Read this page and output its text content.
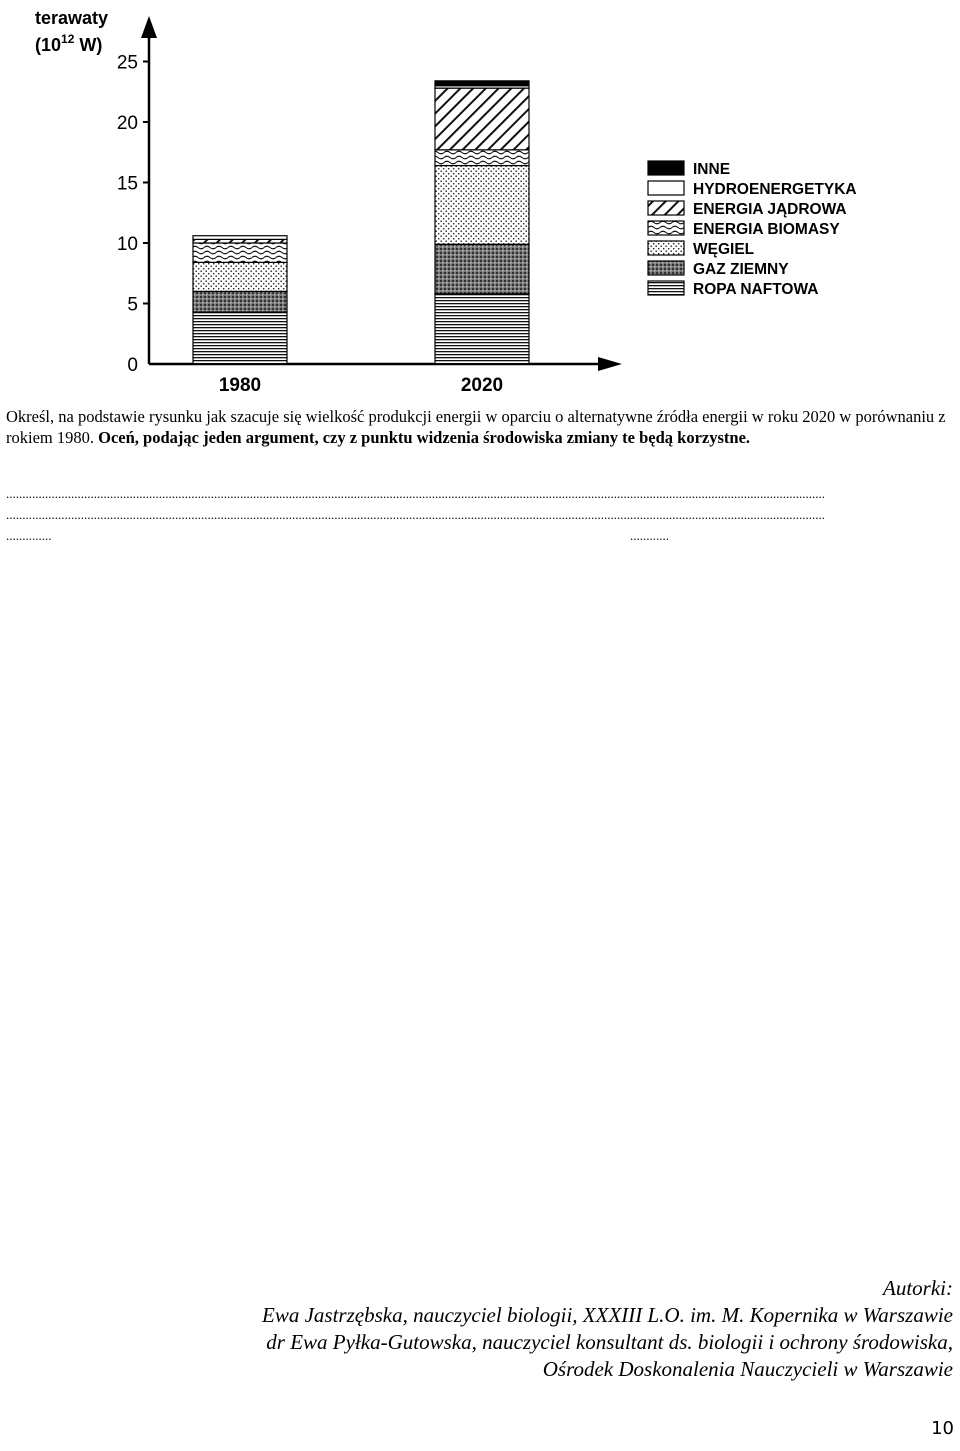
terawaty
($10^{12}$ W)
0
5
10
15
20
25
1980	2020
INNE
HYDROENERGETYKA
ENERGIA JĄDROWA
ENERGIA BIOMASY
WĘGIEL
GAZ ZIEMNY
ROPA NAFTOWA
Określ, na podstawie rysunku jak szacuje się wielkość produkcji energii w oparciu o alternatywne źródła energii w roku 2020 w porównaniu z rokiem 1980. Oceń, podając jeden argument, czy z punktu widzenia środowiska zmiany te będą korzystne.
............................................................................................................................................................................................................................................................
............................................................................................................................................................................................................................................................
..............                                                                                                                                                                                  ............
Autorki:
Ewa Jastrzębska, nauczyciel biologii, XXXIII L.O. im. M. Kopernika w Warszawie
dr Ewa Pyłka-Gutowska, nauczyciel konsultant ds. biologii i ochrony środowiska,
Ośrodek Doskonalenia Nauczycieli w Warszawie
10
